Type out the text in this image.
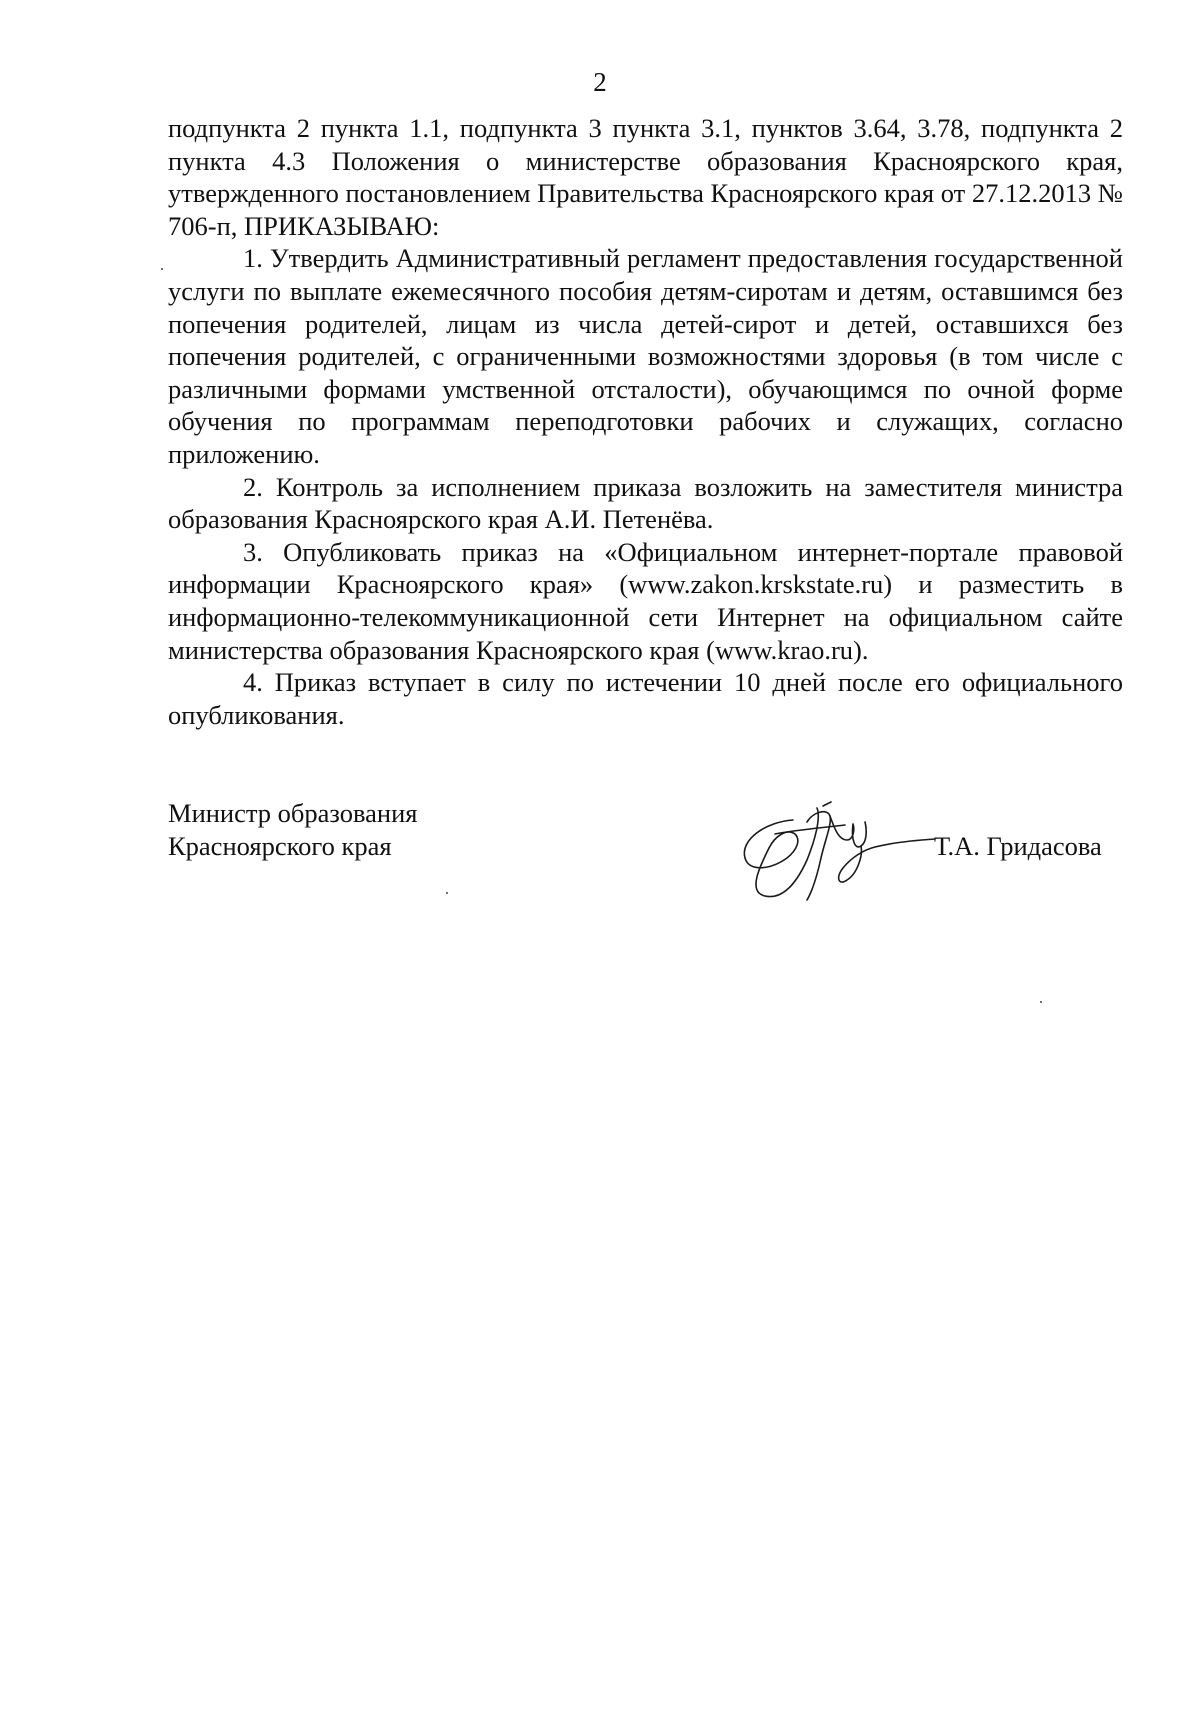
2

подпункта 2 пункта 1.1, подпункта 3 пункта 3.1, пунктов 3.64, 3.78, подпункта 2 пункта 4.3 Положения о министерстве образования Красноярского края, утвержденного постановлением Правительства Красноярского края от 27.12.2013 № 706-п, ПРИКАЗЫВАЮ:

1. Утвердить Административный регламент предоставления государственной услуги по выплате ежемесячного пособия детям-сиротам и детям, оставшимся без попечения родителей, лицам из числа детей-сирот и детей, оставшихся без попечения родителей, с ограниченными возможностями здоровья (в том числе с различными формами умственной отсталости), обучающимся по очной форме обучения по программам переподготовки рабочих и служащих, согласно приложению.

2. Контроль за исполнением приказа возложить на заместителя министра образования Красноярского края А.И. Петенёва.

3. Опубликовать приказ на «Официальном интернет-портале правовой информации Красноярского края» (www.zakon.krskstate.ru) и разместить в информационно-телекоммуникационной сети Интернет на официальном сайте министерства образования Красноярского края (www.krao.ru).

4. Приказ вступает в силу по истечении 10 дней после его официального опубликования.

Министр образования
Красноярского края	Т.А. Гридасова
